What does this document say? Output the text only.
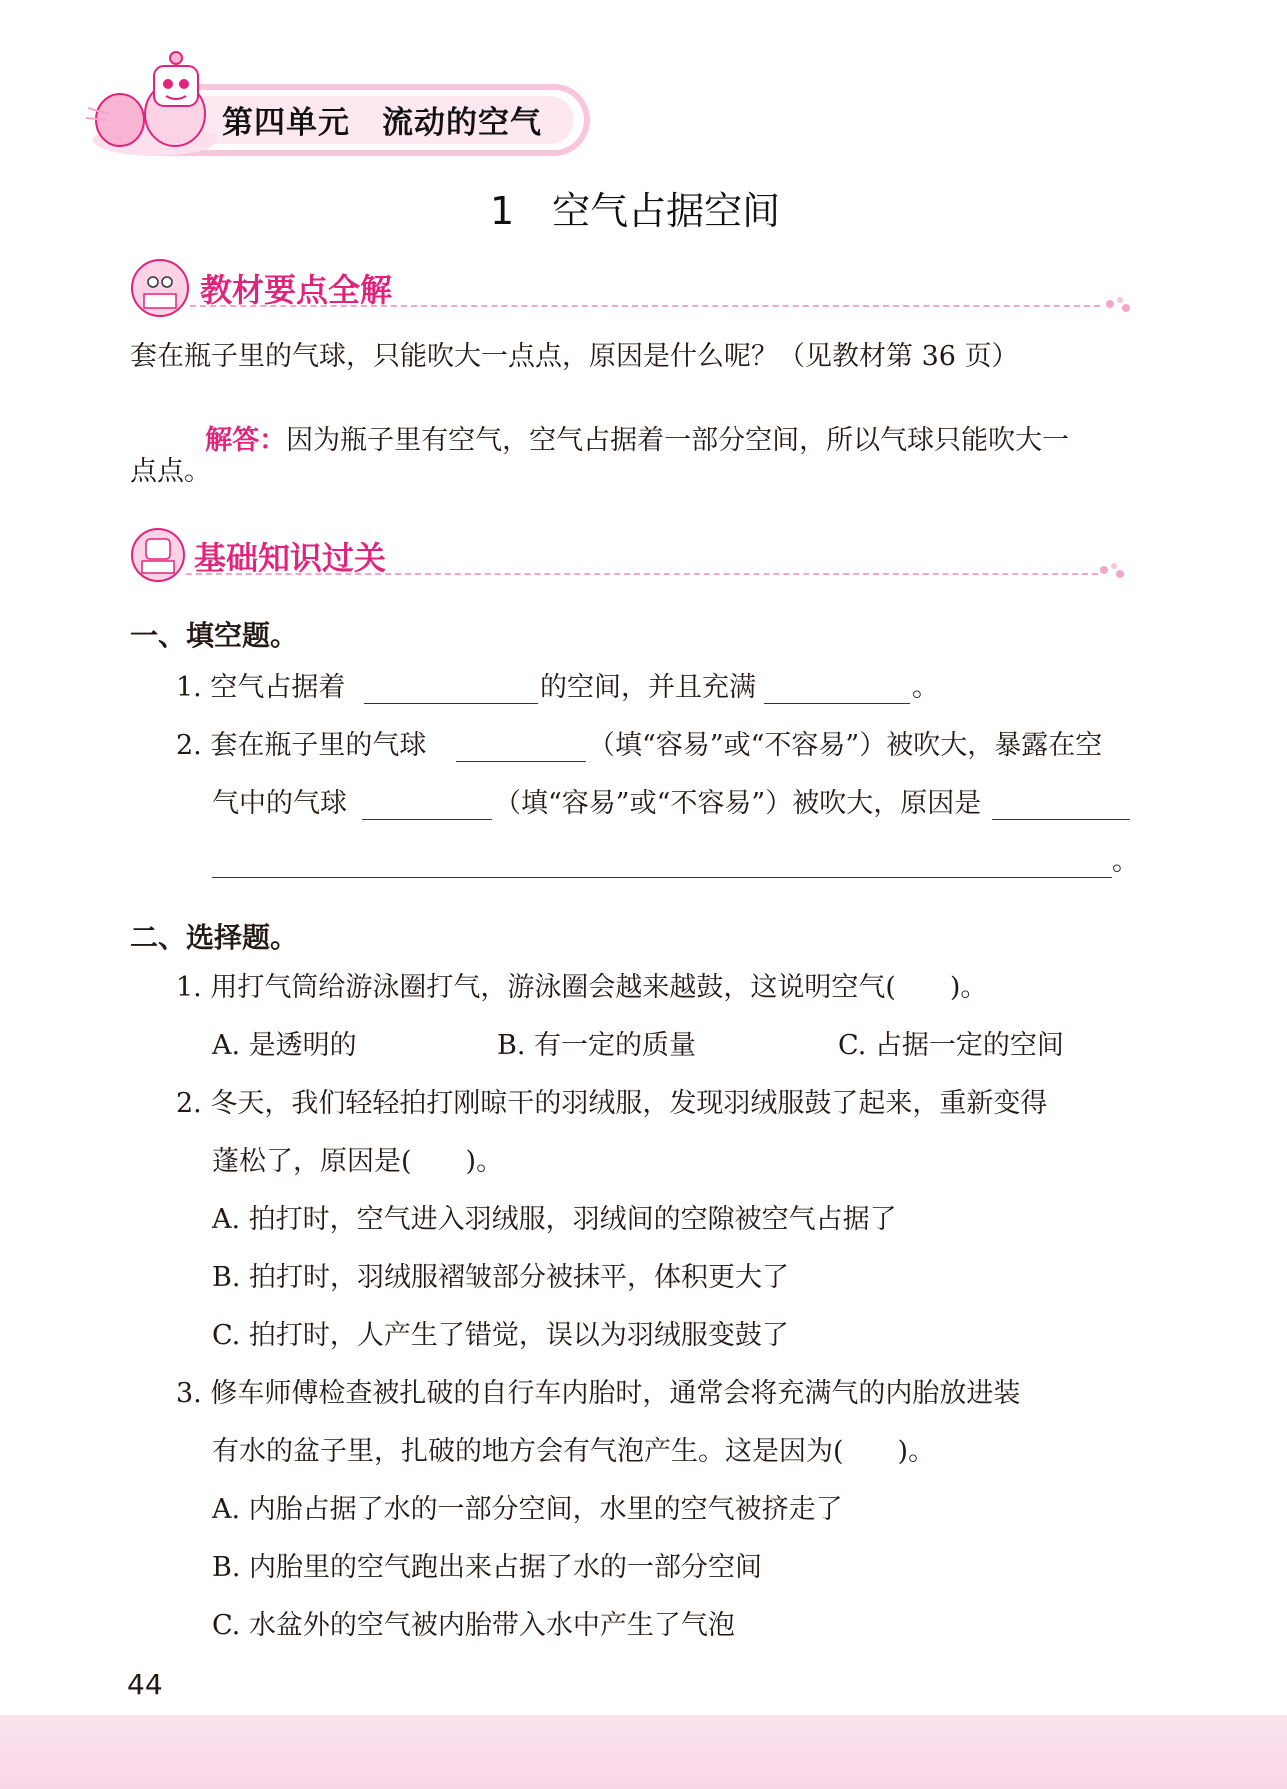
第四单元　流动的空气
1　空气占据空间
教材要点全解
套在瓶子里的气球，只能吹大一点点，原因是什么呢？（见教材第 36 页）

解答：因为瓶子里有空气，空气占据着一部分空间，所以气球只能吹大一

点点。
基础知识过关
一、填空题。
1. 空气占据着	的空间，并且充满	。
2. 套在瓶子里的气球	（填“容易”或“不容易”）被吹大，暴露在空
气中的气球	（填“容易”或“不容易”）被吹大，原因是
。
二、选择题。
1. 用打气筒给游泳圈打气，游泳圈会越来越鼓，这说明空气(　　)。
A. 是透明的	B. 有一定的质量	C. 占据一定的空间
2. 冬天，我们轻轻拍打刚晾干的羽绒服，发现羽绒服鼓了起来，重新变得
蓬松了，原因是(　　)。
A. 拍打时，空气进入羽绒服，羽绒间的空隙被空气占据了
B. 拍打时，羽绒服褶皱部分被抹平，体积更大了
C. 拍打时，人产生了错觉，误以为羽绒服变鼓了
3. 修车师傅检查被扎破的自行车内胎时，通常会将充满气的内胎放进装
有水的盆子里，扎破的地方会有气泡产生。这是因为(　　)。
A. 内胎占据了水的一部分空间，水里的空气被挤走了
B. 内胎里的空气跑出来占据了水的一部分空间
C. 水盆外的空气被内胎带入水中产生了气泡
44
